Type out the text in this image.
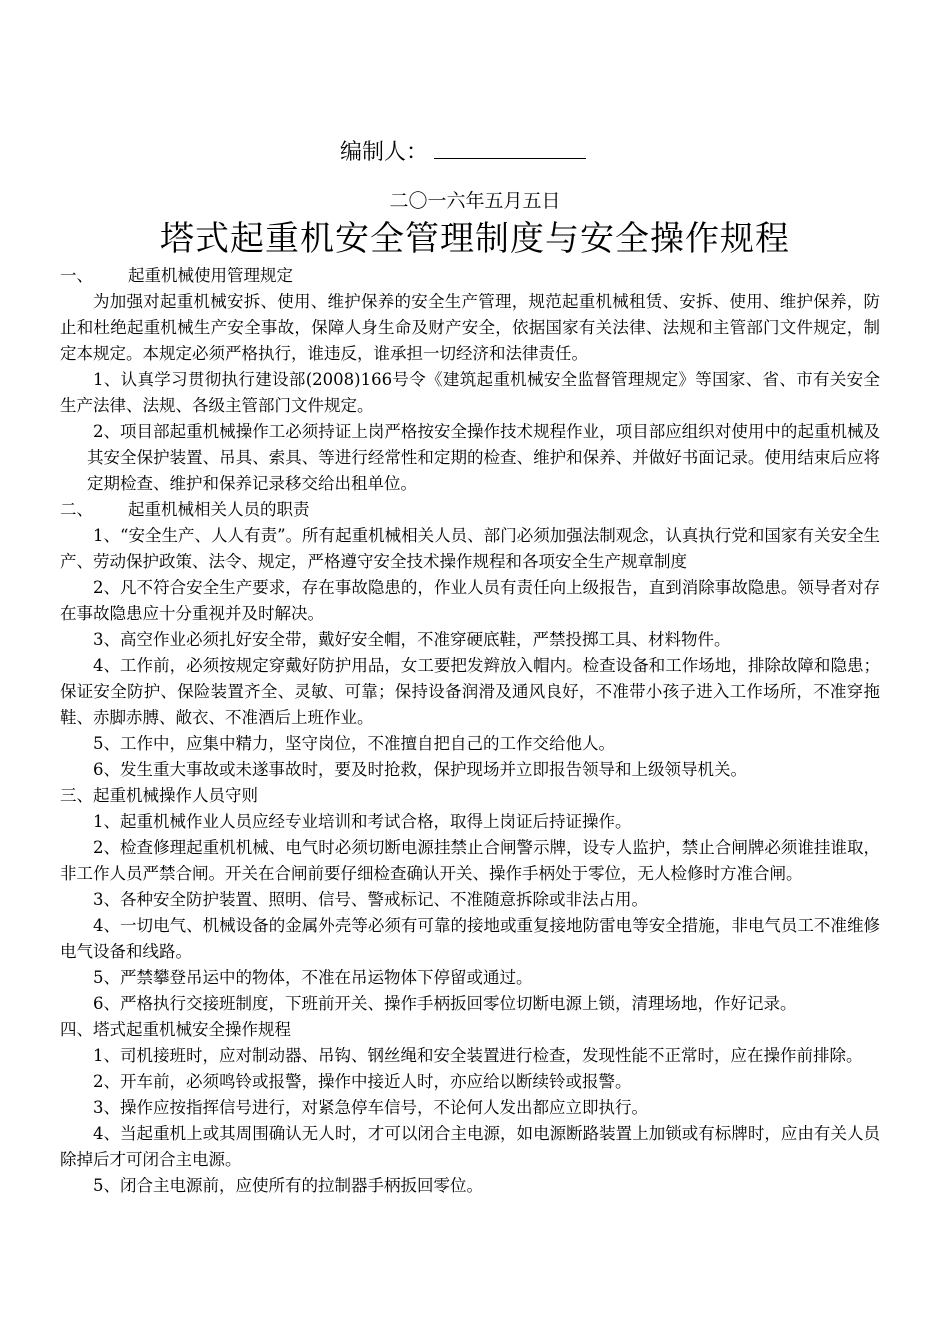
编制人：
二〇一六年五月五日
塔式起重机安全管理制度与安全操作规程

一、 起重机械使用管理规定

为加强对起重机械安拆、使用、维护保养的安全生产管理，规范起重机械租赁、安拆、使用、维护保养，防止和杜绝起重机械生产安全事故，保障人身生命及财产安全，依据国家有关法律、法规和主管部门文件规定，制定本规定。本规定必须严格执行，谁违反，谁承担一切经济和法律责任。

1、认真学习贯彻执行建设部(2008)166号令《建筑起重机械安全监督管理规定》等国家、省、市有关安全生产法律、法规、各级主管部门文件规定。

2、项目部起重机械操作工必须持证上岗严格按安全操作技术规程作业，项目部应组织对使用中的起重机械及其安全保护装置、吊具、索具、等进行经常性和定期的检查、维护和保养、并做好书面记录。使用结束后应将定期检查、维护和保养记录移交给出租单位。

二、 起重机械相关人员的职责

1、“安全生产、人人有责”。所有起重机械相关人员、部门必须加强法制观念，认真执行党和国家有关安全生产、劳动保护政策、法令、规定，严格遵守安全技术操作规程和各项安全生产规章制度

2、凡不符合安全生产要求，存在事故隐患的，作业人员有责任向上级报告，直到消除事故隐患。领导者对存在事故隐患应十分重视并及时解决。

3、高空作业必须扎好安全带，戴好安全帽，不准穿硬底鞋，严禁投掷工具、材料物件。

4、工作前，必须按规定穿戴好防护用品，女工要把发辫放入帽内。检查设备和工作场地，排除故障和隐患；保证安全防护、保险装置齐全、灵敏、可靠；保持设备润滑及通风良好，不准带小孩子进入工作场所，不准穿拖鞋、赤脚赤膊、敞衣、不准酒后上班作业。

5、工作中，应集中精力，坚守岗位，不准擅自把自己的工作交给他人。

6、发生重大事故或未遂事故时，要及时抢救，保护现场并立即报告领导和上级领导机关。

三、起重机械操作人员守则

1、起重机械作业人员应经专业培训和考试合格，取得上岗证后持证操作。

2、检查修理起重机机械、电气时必须切断电源挂禁止合闸警示牌，设专人监护，禁止合闸牌必须谁挂谁取，非工作人员严禁合闸。开关在合闸前要仔细检查确认开关、操作手柄处于零位，无人检修时方准合闸。

3、各种安全防护装置、照明、信号、警戒标记、不准随意拆除或非法占用。

4、一切电气、机械设备的金属外壳等必须有可靠的接地或重复接地防雷电等安全措施，非电气员工不准维修电气设备和线路。

5、严禁攀登吊运中的物体，不准在吊运物体下停留或通过。

6、严格执行交接班制度，下班前开关、操作手柄扳回零位切断电源上锁，清理场地，作好记录。

四、塔式起重机械安全操作规程

1、司机接班时，应对制动器、吊钩、钢丝绳和安全装置进行检查，发现性能不正常时，应在操作前排除。

2、开车前，必须鸣铃或报警，操作中接近人时，亦应给以断续铃或报警。

3、操作应按指挥信号进行，对紧急停车信号，不论何人发出都应立即执行。

4、当起重机上或其周围确认无人时，才可以闭合主电源，如电源断路装置上加锁或有标牌时，应由有关人员除掉后才可闭合主电源。

5、闭合主电源前，应使所有的拉制器手柄扳回零位。
